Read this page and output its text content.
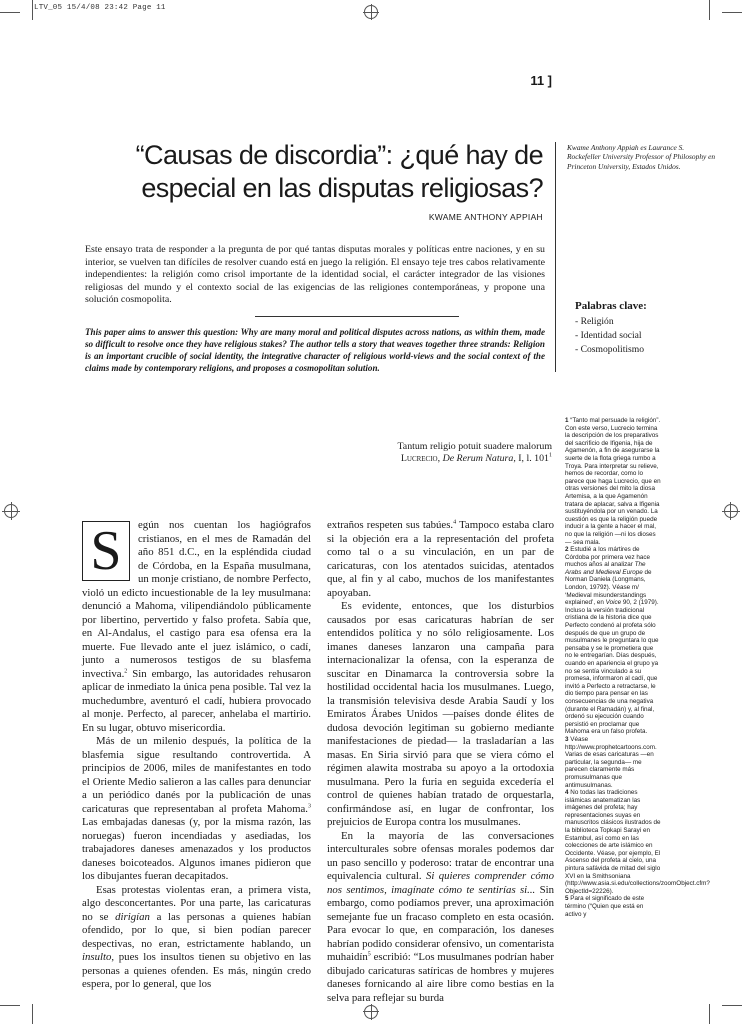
LTV_05 15/4/08 23:42 Page 11
11 ]
“Causas de discordia”: ¿qué hay de
especial en las disputas religiosas?
KWAME ANTHONY APPIAH
Kwame Anthony Appiah es Laurance S. Rockefeller University Professor of Philosophy en Princeton University, Estados Unidos.
Palabras clave:
- Religión
- Identidad social
- Cosmopolitismo
Este ensayo trata de responder a la pregunta de por qué tantas disputas morales y políticas entre naciones, y en su interior, se vuelven tan difíciles de resolver cuando está en juego la religión. El ensayo teje tres cabos relativamente independientes: la religión como crisol importante de la identidad social, el carácter integrador de las visiones religiosas del mundo y el contexto social de las exigencias de las religiones contemporáneas, y propone una solución cosmopolita.
This paper aims to answer this question: Why are many moral and political disputes across nations, as within them, made so difficult to resolve once they have religious stakes? The author tells a story that weaves together three strands: Religion is an important crucible of social identity, the integrative character of religious world-views and the social context of the claims made by contemporary religions, and proposes a cosmopolitan solution.
Tantum religio potuit suadere malorum
Lucrecio, De Rerum Natura, I, l. $101^1$

S	egún nos cuentan los hagiógrafos cristianos, en el mes de Ramadán del año 851 d.C., en la espléndida ciudad de Córdoba, en la España musulmana, un monje cristiano, de nombre Perfecto, violó un edicto incuestionable de la ley musulmana: denunció a Mahoma, vilipendiándolo públicamente por libertino, pervertido y falso profeta. Sabía que, en Al-Andalus, el castigo para esa ofensa era la muerte. Fue llevado ante el juez islámico, o cadí, junto a numerosos testigos de su blasfema invectiva.$^2$ Sin embargo, las autoridades rehusaron aplicar de inmediato la única pena posible. Tal vez la muchedumbre, aventuró el cadí, hubiera provocado al monje. Perfecto, al parecer, anhelaba el martirio. En su lugar, obtuvo misericordia.

Más de un milenio después, la política de la blasfemia sigue resultando controvertida. A principios de 2006, miles de manifestantes en todo el Oriente Medio salieron a las calles para denunciar a un periódico danés por la publicación de unas caricaturas que representaban al profeta Mahoma.$^3$ Las embajadas danesas (y, por la misma razón, las noruegas) fueron incendiadas y asediadas, los trabajadores daneses amenazados y los productos daneses boicoteados. Algunos imanes pidieron que los dibujantes fueran decapitados.

Esas protestas violentas eran, a primera vista, algo desconcertantes. Por una parte, las caricaturas no se dirigían a las personas a quienes habían ofendido, por lo que, si bien podían parecer despectivas, no eran, estrictamente hablando, un insulto, pues los insultos tienen su objetivo en las personas a quienes ofenden. Es más, ningún credo espera, por lo general, que los

extraños respeten sus tabúes.$^4$ Tampoco estaba claro si la objeción era a la representación del profeta como tal o a su vinculación, en un par de caricaturas, con los atentados suicidas, atentados que, al fin y al cabo, muchos de los manifestantes apoyaban.

Es evidente, entonces, que los disturbios causados por esas caricaturas habrían de ser entendidos política y no sólo religiosamente. Los imanes daneses lanzaron una campaña para internacionalizar la ofensa, con la esperanza de suscitar en Dinamarca la controversia sobre la hostilidad occidental hacia los musulmanes. Luego, la transmisión televisiva desde Arabia Saudí y los Emiratos Árabes Unidos —países donde élites de dudosa devoción legitiman su gobierno mediante manifestaciones de piedad— la trasladarían a las masas. En Siria sirvió para que se viera cómo el régimen alawita mostraba su apoyo a la ortodoxia musulmana. Pero la furia en seguida excedería el control de quienes habían tratado de orquestarla, confirmándose así, en lugar de confrontar, los prejuicios de Europa contra los musulmanes.

En la mayoría de las conversaciones interculturales sobre ofensas morales podemos dar un paso sencillo y poderoso: tratar de encontrar una equivalencia cultural. Si quieres comprender cómo nos sentimos, imagínate cómo te sentirías si... Sin embargo, como podíamos prever, una aproximación semejante fue un fracaso completo en esta ocasión. Para evocar lo que, en comparación, los daneses habrían podido considerar ofensivo, un comentarista muhaidín$^5$ escribió: “Los musulmanes podrían haber dibujado caricaturas satíricas de hombres y mujeres daneses fornicando al aire libre como bestias en la selva para reflejar su burda

1 “Tanto mal persuade la religión”. Con este verso, Lucrecio termina la descripción de los preparativos del sacrificio de Ifigenia, hija de Agamenón, a fin de asegurarse la suerte de la flota griega rumbo a Troya. Para interpretar su relieve, hemos de recordar, como lo parece que haga Lucrecio, que en otras versiones del mito la diosa Artemisa, a la que Agamenón tratara de aplacar, salva a Ifigenia sustituyéndola por un venado. La cuestión es que la religión puede inducir a la gente a hacer el mal, no que la religión —ni los dioses— sea mala.

2 Estudié a los mártires de Córdoba por primera vez hace muchos años al analizar The Arabs and Medieval Europe de Norman Daniela (Longmans, London, 1979ž). Véase m/ ‘Medieval misunderstandings explained’, en Voice 90, 2 (1979). Incluso la versión tradicional cristiana de la historia dice que Perfecto condenó al profeta sólo después de que un grupo de musulmanes le preguntara lo que pensaba y se le prometiera que no le entregarían. Días después, cuando en apariencia el grupo ya no se sentía vinculado a su promesa, informaron al cadí, que invitó a Perfecto a retractarse, le dio tiempo para pensar en las consecuencias de una negativa (durante el Ramadán) y, al final, ordenó su ejecución cuando persistió en proclamar que Mahoma era un falso profeta.

3 Véase http://www.prophetcartoons.com. Varias de esas caricaturas —en particular, la segunda— me parecen claramente más promusulmanas que antimusulmanas.

4 No todas las tradiciones islámicas anatematizan las imágenes del profeta; hay representaciones suyas en manuscritos clásicos ilustrados de la biblioteca Topkapi Sarayi en Estambul, así como en las colecciones de arte islámico en Occidente. Véase, por ejemplo, El Ascenso del profeta al cielo, una pintura safávida de mitad del siglo XVI en la Smithsoniana (http://www.asia.si.edu/collections/zoomObject.cfm?ObjectId=22226).

5 Para el significado de este término (“Quien que está en activo y
